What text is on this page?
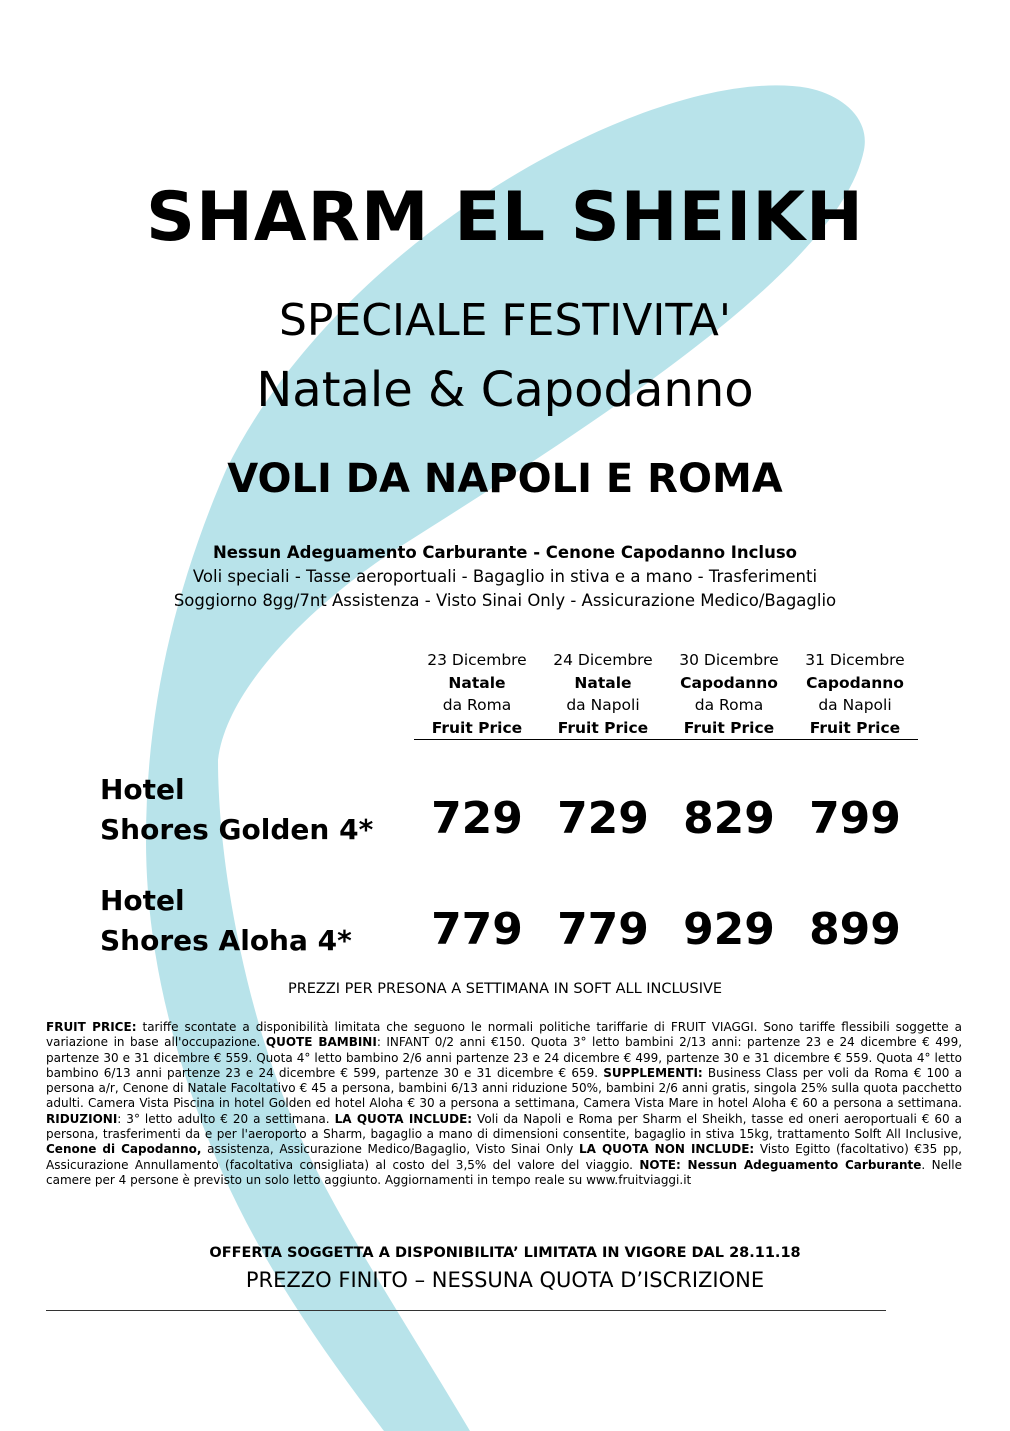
SHARM EL SHEIKH
SPECIALE FESTIVITA'
Natale & Capodanno
VOLI DA NAPOLI E ROMA
Nessun Adeguamento Carburante - Cenone Capodanno Incluso
Voli speciali - Tasse aeroportuali - Bagaglio in stiva e a mano - Trasferimenti
Soggiorno 8gg/7nt Assistenza - Visto Sinai Only - Assicurazione Medico/Bagaglio
23 Dicembre
Natale
da Roma
Fruit Price
24 Dicembre
Natale
da Napoli
Fruit Price
30 Dicembre
Capodanno
da Roma
Fruit Price
31 Dicembre
Capodanno
da Napoli
Fruit Price
Hotel
Shores Golden 4*	729 729 829 799
Hotel
Shores Aloha 4*	779 779 929 899
PREZZI PER PRESONA A SETTIMANA IN SOFT ALL INCLUSIVE
FRUIT PRICE: tariffe scontate a disponibilità limitata che seguono le normali politiche tariffarie di FRUIT VIAGGI. Sono tariffe flessibili soggette a variazione in base all'occupazione. QUOTE BAMBINI: INFANT 0/2 anni €150. Quota 3° letto bambini 2/13 anni: partenze 23 e 24 dicembre € 499, partenze 30 e 31 dicembre € 559. Quota 4° letto bambino 2/6 anni partenze 23 e 24 dicembre € 499, partenze 30 e 31 dicembre € 559. Quota 4° letto bambino 6/13 anni partenze 23 e 24 dicembre € 599, partenze 30 e 31 dicembre € 659. SUPPLEMENTI: Business Class per voli da Roma € 100 a persona a/r, Cenone di Natale Facoltativo € 45 a persona, bambini 6/13 anni riduzione 50%, bambini 2/6 anni gratis, singola 25% sulla quota pacchetto adulti. Camera Vista Piscina in hotel Golden ed hotel Aloha € 30 a persona a settimana, Camera Vista Mare in hotel Aloha € 60 a persona a settimana. RIDUZIONI: 3° letto adulto € 20 a settimana. LA QUOTA INCLUDE: Voli da Napoli e Roma per Sharm el Sheikh, tasse ed oneri aeroportuali € 60 a persona, trasferimenti da e per l'aeroporto a Sharm, bagaglio a mano di dimensioni consentite, bagaglio in stiva 15kg, trattamento Solft All Inclusive, Cenone di Capodanno, assistenza, Assicurazione Medico/Bagaglio, Visto Sinai Only LA QUOTA NON INCLUDE: Visto Egitto (facoltativo) €35 pp, Assicurazione Annullamento (facoltativa consigliata) al costo del 3,5% del valore del viaggio. NOTE: Nessun Adeguamento Carburante. Nelle camere per 4 persone è previsto un solo letto aggiunto. Aggiornamenti in tempo reale su www.fruitviaggi.it
OFFERTA SOGGETTA A DISPONIBILITA’ LIMITATA IN VIGORE DAL 28.11.18
PREZZO FINITO – NESSUNA QUOTA D’ISCRIZIONE
